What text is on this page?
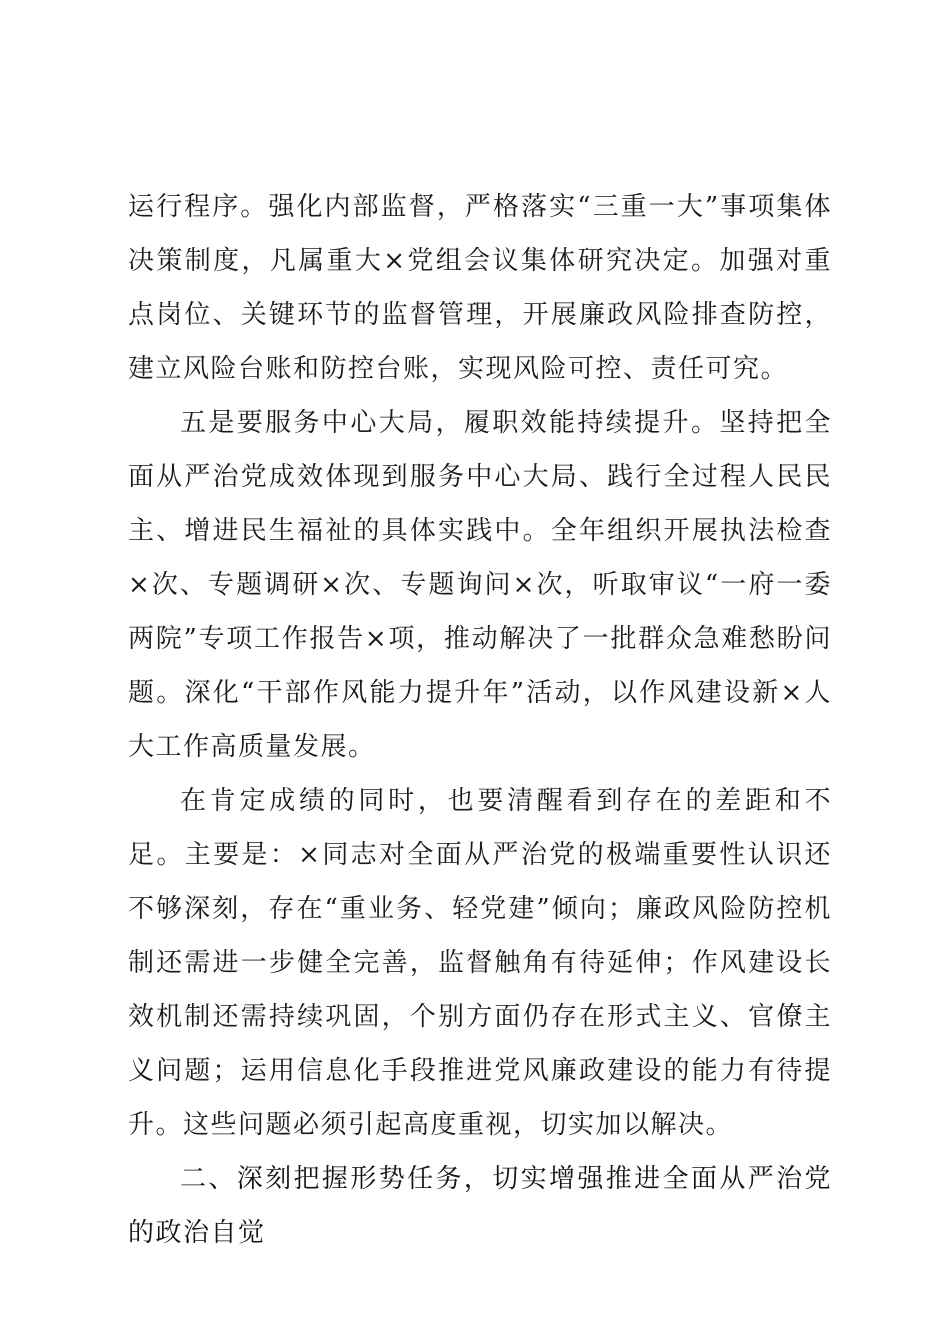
运行程序。强化内部监督，严格落实“三重一大”事项集体决策制度，凡属重大×党组会议集体研究决定。加强对重点岗位、关键环节的监督管理，开展廉政风险排查防控，建立风险台账和防控台账，实现风险可控、责任可究。

五是要服务中心大局，履职效能持续提升。坚持把全面从严治党成效体现到服务中心大局、践行全过程人民民主、增进民生福祉的具体实践中。全年组织开展执法检查×次、专题调研×次、专题询问×次，听取审议“一府一委两院”专项工作报告×项，推动解决了一批群众急难愁盼问题。深化“干部作风能力提升年”活动，以作风建设新×人大工作高质量发展。

在肯定成绩的同时，也要清醒看到存在的差距和不足。主要是：×同志对全面从严治党的极端重要性认识还不够深刻，存在“重业务、轻党建”倾向；廉政风险防控机制还需进一步健全完善，监督触角有待延伸；作风建设长效机制还需持续巩固，个别方面仍存在形式主义、官僚主义问题；运用信息化手段推进党风廉政建设的能力有待提升。这些问题必须引起高度重视，切实加以解决。

二、深刻把握形势任务，切实增强推进全面从严治党的政治自觉
